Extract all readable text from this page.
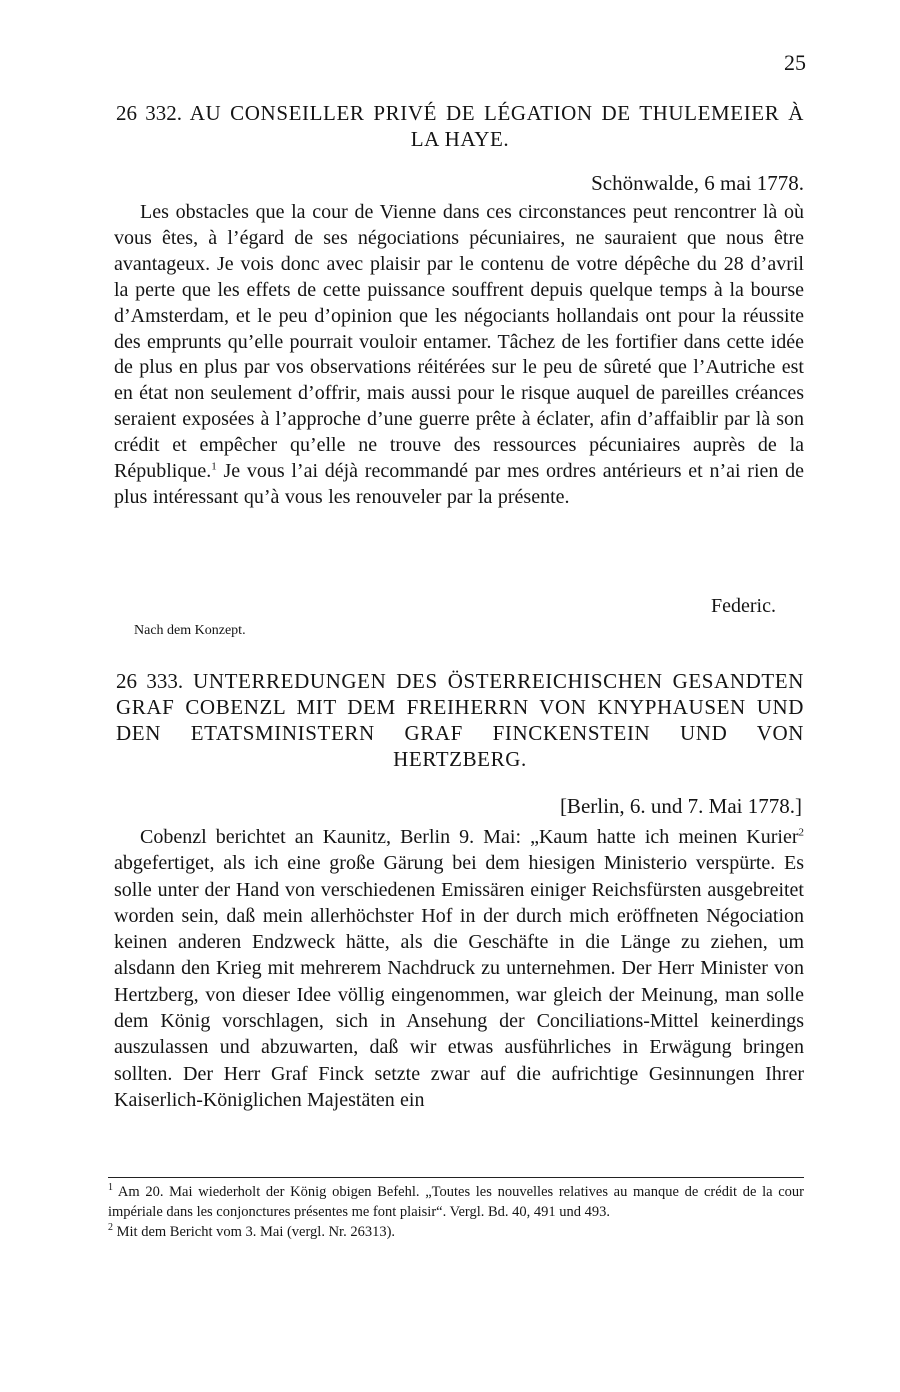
25
26 332. AU CONSEILLER PRIVÉ DE LÉGATION DE THULEMEIER À LA HAYE.
Schönwalde, 6 mai 1778.

Les obstacles que la cour de Vienne dans ces circonstances peut rencontrer là où vous êtes, à l’égard de ses négociations pécuniaires, ne sauraient que nous être avantageux. Je vois donc avec plaisir par le contenu de votre dépêche du 28 d’avril la perte que les effets de cette puissance souffrent depuis quelque temps à la bourse d’Amsterdam, et le peu d’opinion que les négociants hollandais ont pour la réussite des emprunts qu’elle pourrait vouloir entamer. Tâchez de les fortifier dans cette idée de plus en plus par vos observations réitérées sur le peu de sûreté que l’Autriche est en état non seulement d’offrir, mais aussi pour le risque auquel de pareilles créances seraient exposées à l’approche d’une guerre prête à éclater, afin d’affaiblir par là son crédit et empêcher qu’elle ne trouve des ressources pécuniaires auprès de la République.$^1$ Je vous l’ai déjà recommandé par mes ordres antérieurs et n’ai rien de plus intéressant qu’à vous les renouveler par la présente.

Federic.
Nach dem Konzept.
26 333. UNTERREDUNGEN DES ÖSTERREICHISCHEN GESANDTEN GRAF COBENZL MIT DEM FREIHERRN VON KNYPHAUSEN UND DEN ETATSMINISTERN GRAF FINCKENSTEIN UND VON HERTZBERG.
[Berlin, 6. und 7. Mai 1778.]

Cobenzl berichtet an Kaunitz, Berlin 9. Mai: „Kaum hatte ich meinen Kurier$^2$ abgefertiget, als ich eine große Gärung bei dem hiesigen Ministerio verspürte. Es solle unter der Hand von verschiedenen Emissären einiger Reichsfürsten ausgebreitet worden sein, daß mein allerhöchster Hof in der durch mich eröffneten Négociation keinen anderen Endzweck hätte, als die Geschäfte in die Länge zu ziehen, um alsdann den Krieg mit mehrerem Nachdruck zu unternehmen. Der Herr Minister von Hertzberg, von dieser Idee völlig eingenommen, war gleich der Meinung, man solle dem König vorschlagen, sich in Ansehung der Conciliations-Mittel keinerdings auszulassen und abzuwarten, daß wir etwas ausführliches in Erwägung bringen sollten. Der Herr Graf Finck setzte zwar auf die aufrichtige Gesinnungen Ihrer Kaiserlich-Königlichen Majestäten ein

$^1$ Am 20. Mai wiederholt der König obigen Befehl. „Toutes les nouvelles relatives au manque de crédit de la cour impériale dans les conjonctures présentes me font plaisir“. Vergl. Bd. 40, 491 und 493.

$^2$ Mit dem Bericht vom 3. Mai (vergl. Nr. 26313).
